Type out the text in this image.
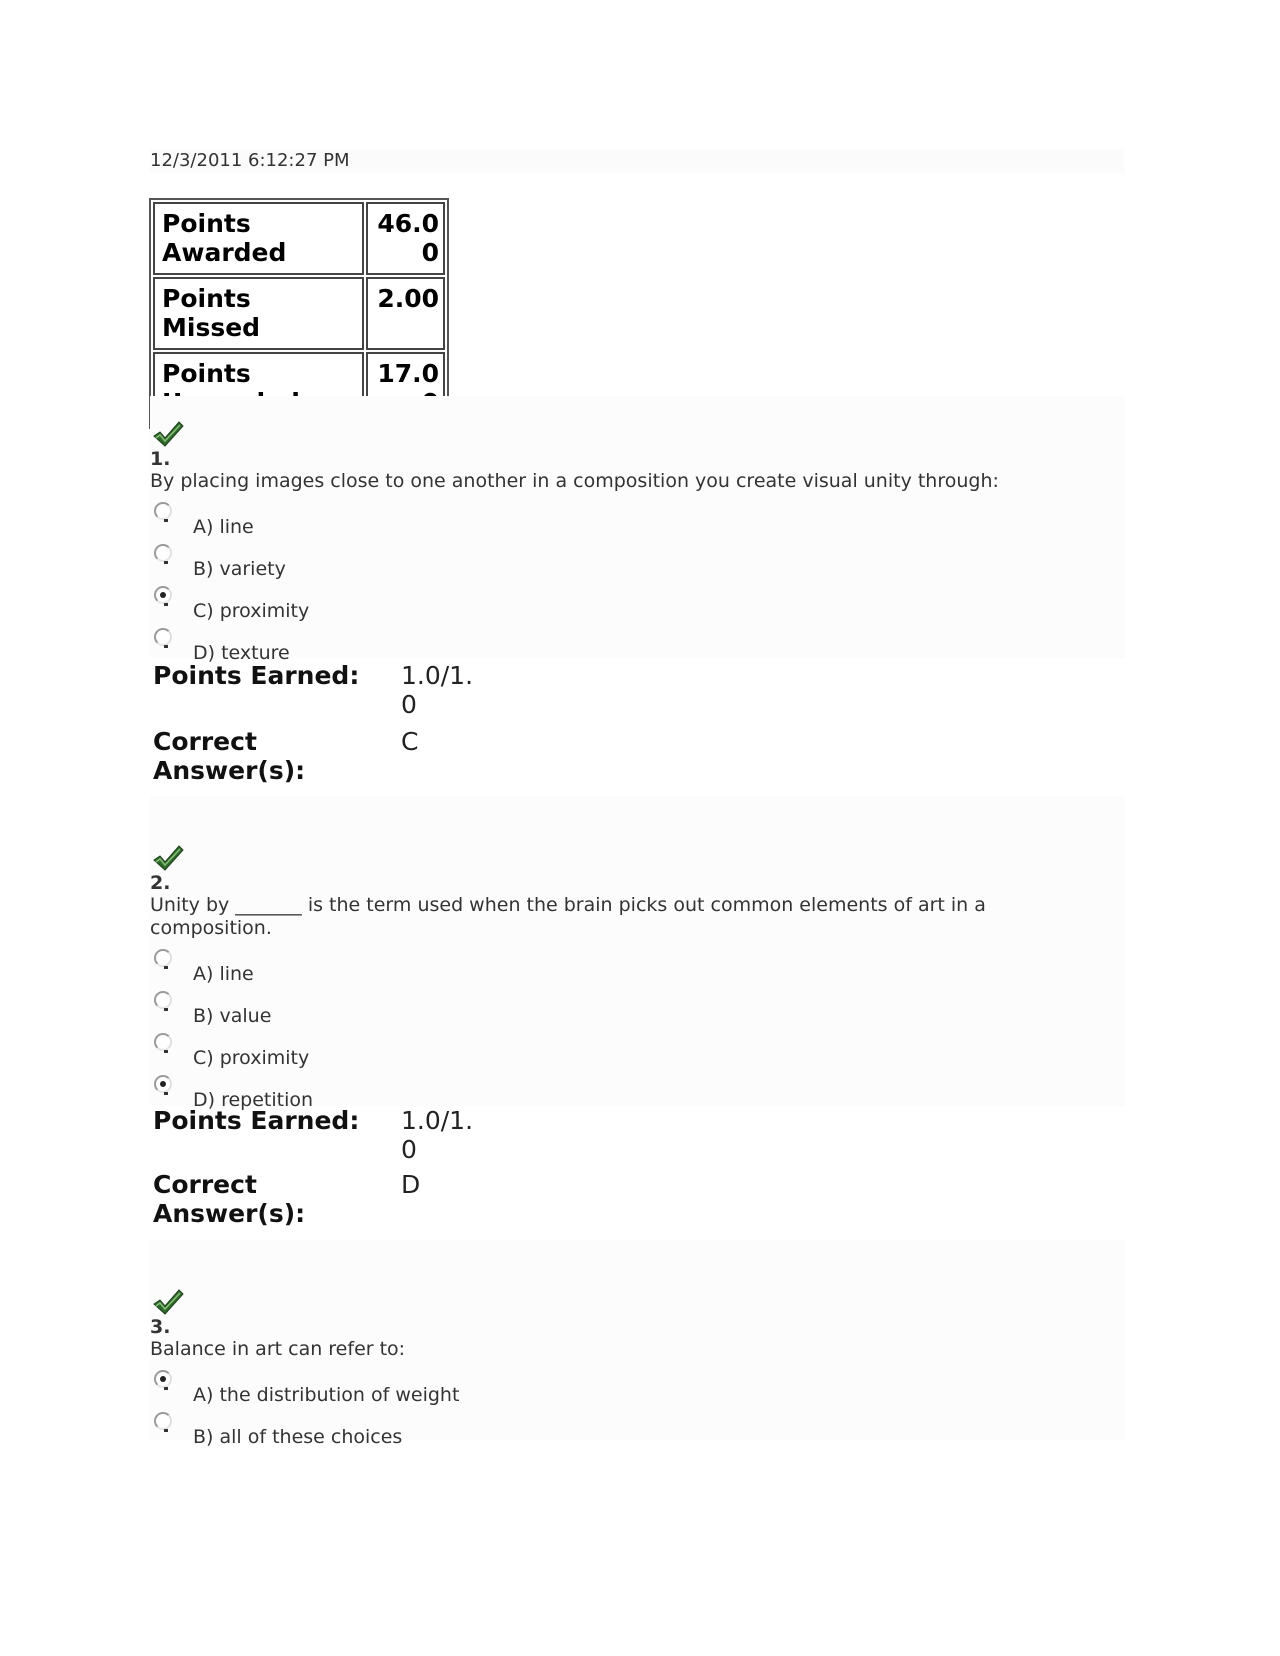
12/3/2011 6:12:27 PM
Points Awarded	46.00
Points Missed	2.00
Points	17.0
1.
By placing images close to one another in a composition you create visual unity through:
A) line
B) variety
C) proximity
D) texture
Points Earned:	1.0/1.0
Correct Answer(s):
C
2.
Unity by _______ is the term used when the brain picks out common elements of art in a composition.
A) line
B) value
C) proximity
D) repetition
Points Earned:	1.0/1.0
Correct Answer(s):
D
3.
Balance in art can refer to:
A) the distribution of weight
B) all of these choices
